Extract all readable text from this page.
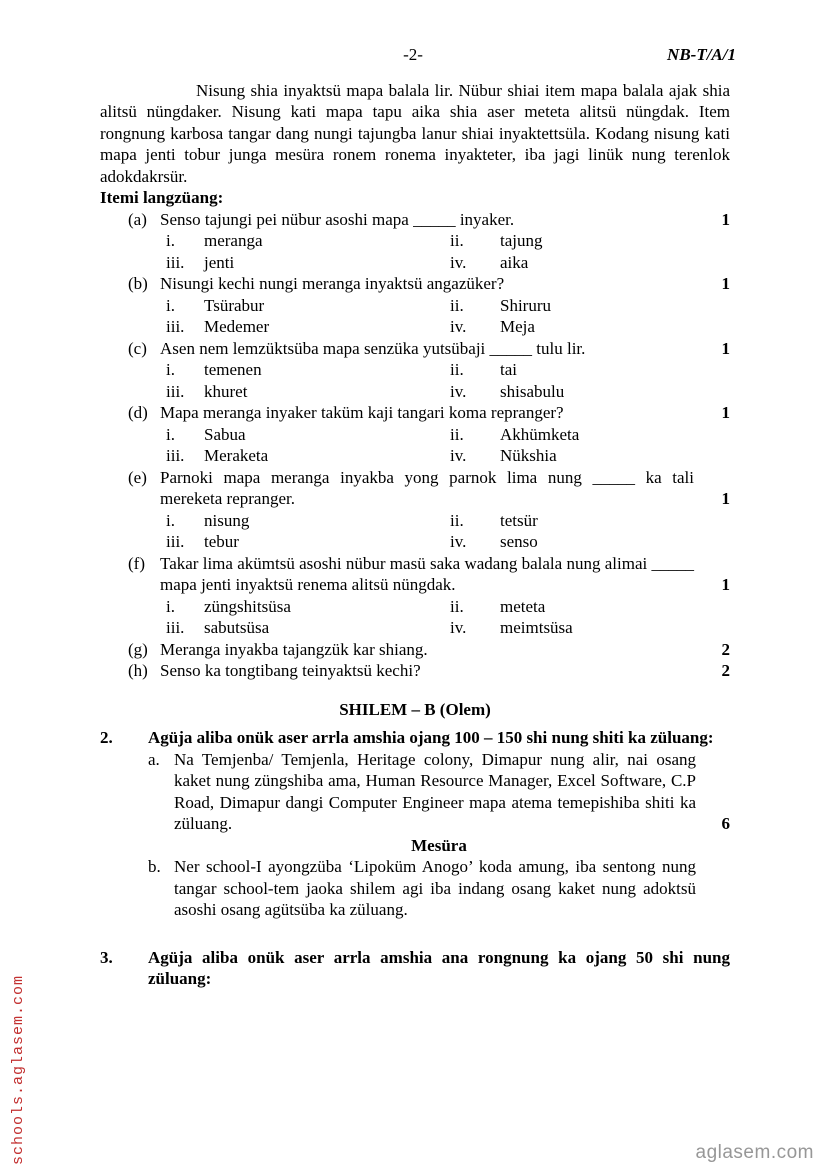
-2-	NB-T/A/1

Nisung shia inyaktsü mapa balala lir. Nübur shiai item mapa balala ajak shia alitsü nüngdaker. Nisung kati mapa tapu aika shia aser meteta alitsü nüngdak. Item rongnung karbosa tangar dang nungi tajungba lanur shiai inyaktettsüla. Kodang nisung kati mapa jenti tobur junga mesüra ronem ronema inyakteter, iba jagi linük nung terenlok adokdakrsür.

Itemi langzüang:
(a) Senso tajungi pei nübur asoshi mapa _____ inyaker.	1
i.	meranga	ii.	tajung
iii.	jenti	iv.	aika
(b) Nisungi kechi nungi meranga inyaktsü angazüker?	1
i.	Tsürabur	ii.	Shiruru
iii.	Medemer	iv.	Meja
(c) Asen nem lemzüktsüba mapa senzüka yutsübaji _____ tulu lir.	1
i.	temenen	ii.	tai
iii.	khuret	iv.	shisabulu
(d) Mapa meranga inyaker taküm kaji tangari koma repranger?	1
i.	Sabua	ii.	Akhümketa
iii.	Meraketa	iv.	Nükshia
(e) Parnoki mapa meranga inyakba yong parnok lima nung _____ ka tali mereketa repranger.	1
i.	nisung	ii.	tetsür
iii.	tebur	iv.	senso
(f) Takar lima akümtsü asoshi nübur masü saka wadang balala nung alimai _____ mapa jenti inyaktsü renema alitsü nüngdak.	1
i.	züngshitsüsa	ii.	meteta
iii.	sabutsüsa	iv.	meimtsüsa
(g) Meranga inyakba tajangzük kar shiang.	2
(h) Senso ka tongtibang teinyaktsü kechi?	2
SHILEM – B (Olem)
2.	Agüja aliba onük aser arrla amshia ojang 100 – 150 shi nung shiti ka züluang:

a. Na Temjenba/ Temjenla, Heritage colony, Dimapur nung alir, nai osang kaket nung züngshiba ama, Human Resource Manager, Excel Software, C.P Road, Dimapur dangi Computer Engineer mapa atema temepishiba shiti ka züluang.	6
Mesüra
b. Ner school-I ayongzüba ‘Lipoküm Anogo’ koda amung, iba sentong nung tangar school-tem jaoka shilem agi iba indang osang kaket nung adoktsü asoshi osang agütsüba ka züluang.
3.	Agüja aliba onük aser arrla amshia ana rongnung ka ojang 50 shi nung züluang:

schools.aglasem.com	aglasem.com
